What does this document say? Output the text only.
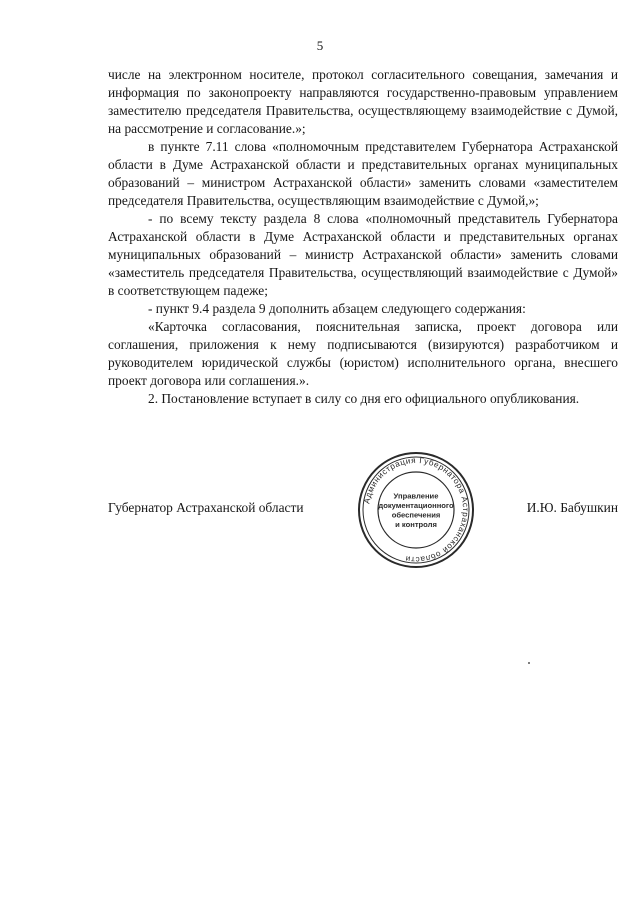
5

числе на электронном носителе, протокол согласительного совещания, замечания и информация по законопроекту направляются государственно-правовым управлением заместителю председателя Правительства, осуществляющему взаимодействие с Думой, на рассмотрение и согласование.»;

в пункте 7.11 слова «полномочным представителем Губернатора Астраханской области в Думе Астраханской области и представительных органах муниципальных образований – министром Астраханской области» заменить словами «заместителем председателя Правительства, осуществляющим взаимодействие с Думой,»;

- по всему тексту раздела 8 слова «полномочный представитель Губернатора Астраханской области в Думе Астраханской области и представительных органах муниципальных образований – министр Астраханской области» заменить словами «заместитель председателя Правительства, осуществляющий взаимодействие с Думой» в соответствующем падеже;

- пункт 9.4 раздела 9 дополнить абзацем следующего содержания:

«Карточка согласования, пояснительная записка, проект договора или соглашения, приложения к нему подписываются (визируются) разработчиком и руководителем юридической службы (юристом) исполнительного органа, внесшего проект договора или соглашения.».

2. Постановление вступает в силу со дня его официального опубликования.

Губернатор Астраханской области	Администрация Губернатора Астраханской области
Управление
документационного
обеспечения
и контроля
И.Ю. Бабушкин
